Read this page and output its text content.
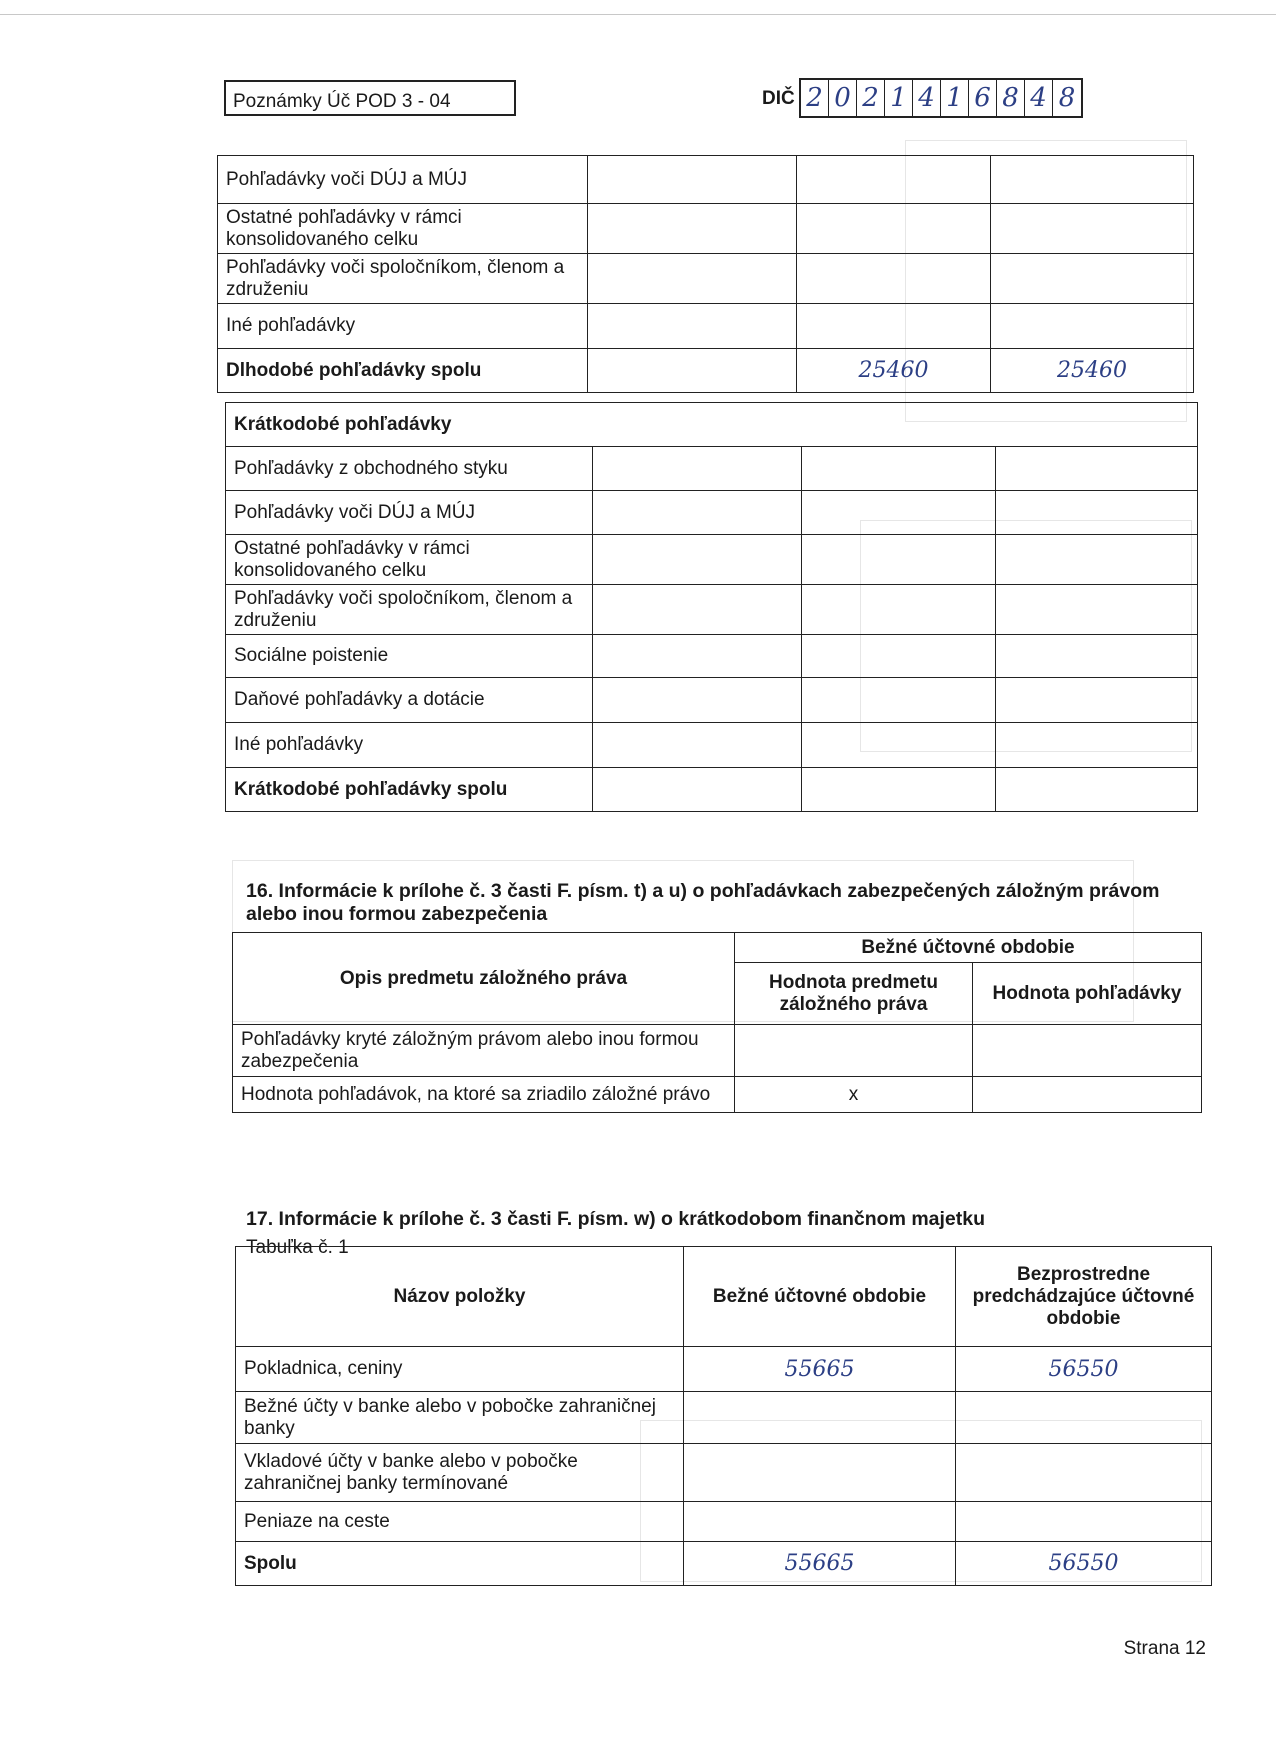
Poznámky Úč POD 3 - 04	DIČ 2 0 2 1 4 1 6 8 4 8
Pohľadávky voči DÚJ a MÚJ			
Ostatné pohľadávky v rámci konsolidovaného celku			
Pohľadávky voči spoločníkom, členom a združeniu			
Iné pohľadávky			
Dlhodobé pohľadávky spolu		25460	25460
Krátkodobé pohľadávky			
Pohľadávky z obchodného styku			
Pohľadávky voči DÚJ a MÚJ			
Ostatné pohľadávky v rámci konsolidovaného celku			
Pohľadávky voči spoločníkom, členom a združeniu			
Sociálne poistenie			
Daňové pohľadávky a dotácie			
Iné pohľadávky			
Krátkodobé pohľadávky spolu			
16. Informácie k prílohe č. 3 časti F. písm. t) a u) o pohľadávkach zabezpečených záložným právom alebo inou formou zabezpečenia
Opis predmetu záložného práva	Bežné účtovné obdobie	
	Hodnota predmetu záložného práva	Hodnota pohľadávky
Pohľadávky kryté záložným právom alebo inou formou zabezpečenia		
Hodnota pohľadávok, na ktoré sa zriadilo záložné právo	x	
17. Informácie k prílohe č. 3 časti F. písm. w) o krátkodobom finančnom majetku
Tabuľka č. 1
Názov položky	Bežné účtovné obdobie	Bezprostredne predchádzajúce účtovné obdobie
Pokladnica, ceniny	55665	56550
Bežné účty v banke alebo v pobočke zahraničnej banky		
Vkladové účty v banke alebo v pobočke zahraničnej banky termínované		
Peniaze na ceste		
Spolu	55665	56550
Strana 12
